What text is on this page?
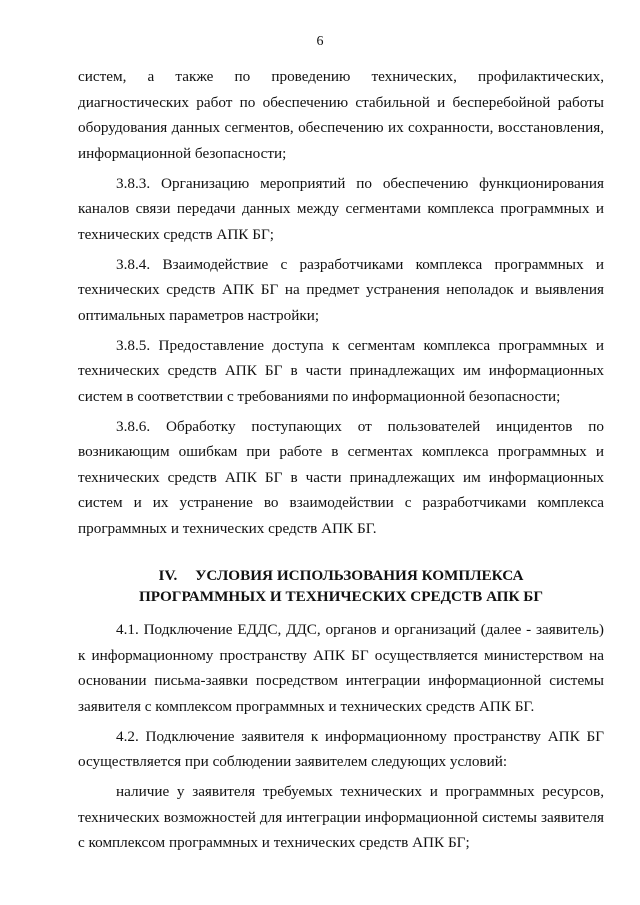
6
систем, а также по проведению технических, профилактических,
диагностических работ по обеспечению стабильной и бесперебойной работы
оборудования данных сегментов, обеспечению их сохранности, восстановления,
информационной безопасности;
3.8.3. Организацию мероприятий по обеспечению функционирования
каналов связи передачи данных между сегментами комплекса программных и
технических средств АПК БГ;
3.8.4. Взаимодействие с разработчиками комплекса программных и
технических средств АПК БГ на предмет устранения неполадок и выявления
оптимальных параметров настройки;
3.8.5. Предоставление доступа к сегментам комплекса программных и
технических средств АПК БГ в части принадлежащих им информационных
систем в соответствии с требованиями по информационной безопасности;
3.8.6. Обработку поступающих от пользователей инцидентов по
возникающим ошибкам при работе в сегментах комплекса программных и
технических средств АПК БГ в части принадлежащих им информационных
систем и их устранение во взаимодействии с разработчиками комплекса
программных и технических средств АПК БГ.
IV. УСЛОВИЯ ИСПОЛЬЗОВАНИЯ КОМПЛЕКСА
ПРОГРАММНЫХ И ТЕХНИЧЕСКИХ СРЕДСТВ АПК БГ
4.1. Подключение ЕДДС, ДДС, органов и организаций (далее - заявитель)
к информационному пространству АПК БГ осуществляется министерством на
основании письма-заявки посредством интеграции информационной системы
заявителя с комплексом программных и технических средств АПК БГ.
4.2. Подключение заявителя к информационному пространству АПК БГ
осуществляется при соблюдении заявителем следующих условий:
наличие у заявителя требуемых технических и программных ресурсов,
технических возможностей для интеграции информационной системы заявителя
с комплексом программных и технических средств АПК БГ;
